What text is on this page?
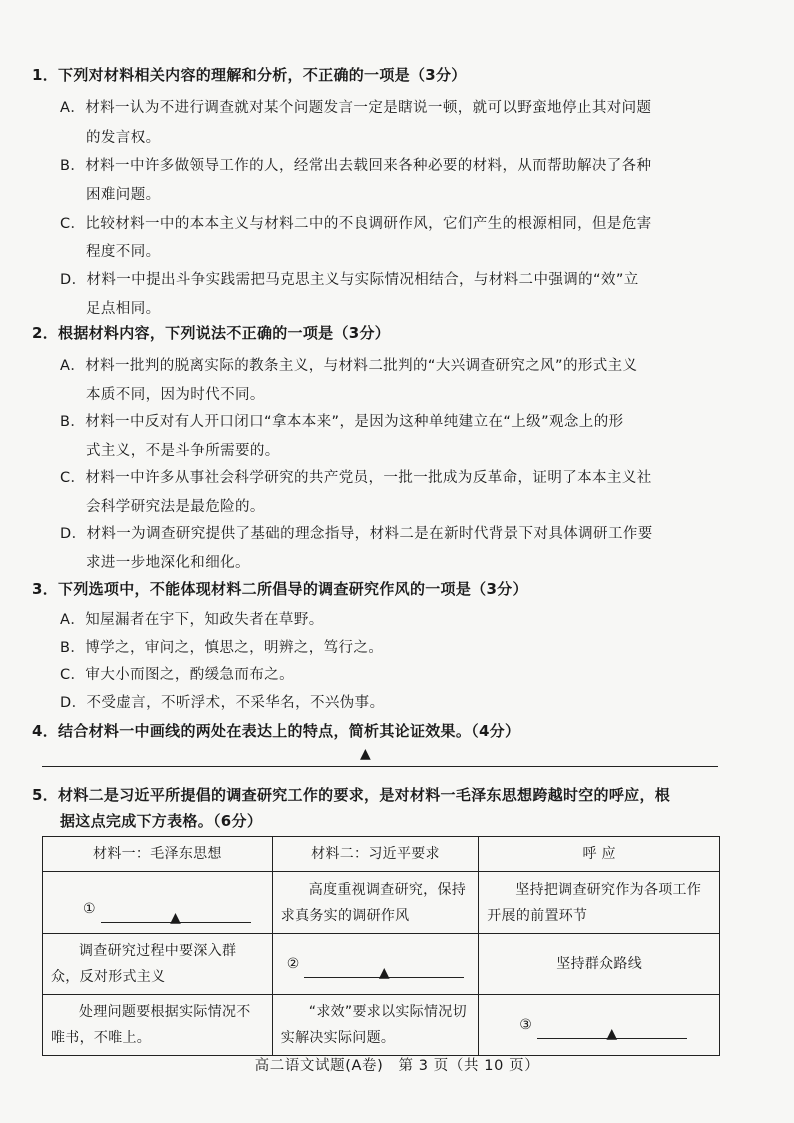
1．下列对材料相关内容的理解和分析，不正确的一项是（3分）
A．材料一认为不进行调查就对某个问题发言一定是瞎说一顿，就可以野蛮地停止其对问题
的发言权。
B．材料一中许多做领导工作的人，经常出去载回来各种必要的材料，从而帮助解决了各种
困难问题。
C．比较材料一中的本本主义与材料二中的不良调研作风，它们产生的根源相同，但是危害
程度不同。
D．材料一中提出斗争实践需把马克思主义与实际情况相结合，与材料二中强调的“效”立
足点相同。
2．根据材料内容，下列说法不正确的一项是（3分）
A．材料一批判的脱离实际的教条主义，与材料二批判的“大兴调查研究之风”的形式主义
本质不同，因为时代不同。
B．材料一中反对有人开口闭口“拿本本来”，是因为这种单纯建立在“上级”观念上的形
式主义，不是斗争所需要的。
C．材料一中许多从事社会科学研究的共产党员，一批一批成为反革命，证明了本本主义社
会科学研究法是最危险的。
D．材料一为调查研究提供了基础的理念指导，材料二是在新时代背景下对具体调研工作要
求进一步地深化和细化。
3．下列选项中，不能体现材料二所倡导的调查研究作风的一项是（3分）
A．知屋漏者在宇下，知政失者在草野。
B．博学之，审问之，慎思之，明辨之，笃行之。
C．审大小而图之，酌缓急而布之。
D．不受虚言，不听浮术，不采华名，不兴伪事。
4．结合材料一中画线的两处在表达上的特点，简析其论证效果。（4分）
▲
5．材料二是习近平所提倡的调查研究工作的要求，是对材料一毛泽东思想跨越时空的呼应，根
据这点完成下方表格。（6分）
材料一：毛泽东思想	材料二：习近平要求	呼 应
① ▲	高度重视调查研究，保持求真务实的调研作风	坚持把调查研究作为各项工作开展的前置环节
调查研究过程中要深入群众，反对形式主义	② ▲	坚持群众路线
处理问题要根据实际情况不唯书，不唯上。	“求效”要求以实际情况切实解决实际问题。	③ ▲
高二语文试题(A卷)　第 3 页（共 10 页）
